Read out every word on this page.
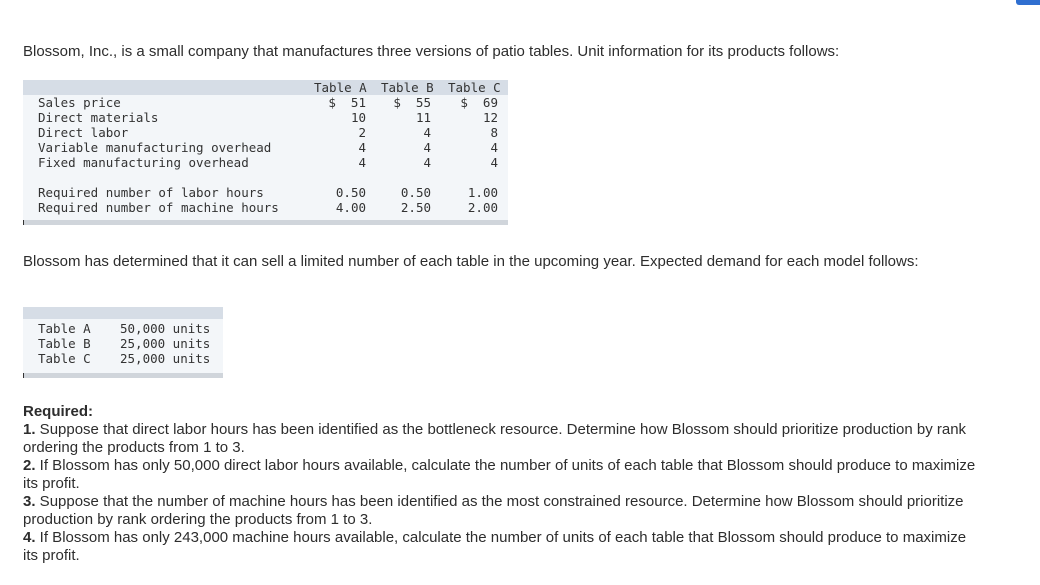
Blossom, Inc., is a small company that manufactures three versions of patio tables. Unit information for its products follows:

Table A Table B Table C
Sales price	$  51	$  55	$  69
Direct materials	10	11	12
Direct labor	2	4	8
Variable manufacturing overhead	4	4	4
Fixed manufacturing overhead	4	4	4
Required number of labor hours	0.50	0.50	1.00
Required number of machine hours	4.00	2.50	2.00

Blossom has determined that it can sell a limited number of each table in the upcoming year. Expected demand for each model follows:

Table A 50,000 units
Table B 25,000 units
Table C 25,000 units
Required:

1. Suppose that direct labor hours has been identified as the bottleneck resource. Determine how Blossom should prioritize production by rank ordering the products from 1 to 3.

2. If Blossom has only 50,000 direct labor hours available, calculate the number of units of each table that Blossom should produce to maximize its profit.

3. Suppose that the number of machine hours has been identified as the most constrained resource. Determine how Blossom should prioritize production by rank ordering the products from 1 to 3.

4. If Blossom has only 243,000 machine hours available, calculate the number of units of each table that Blossom should produce to maximize its profit.
